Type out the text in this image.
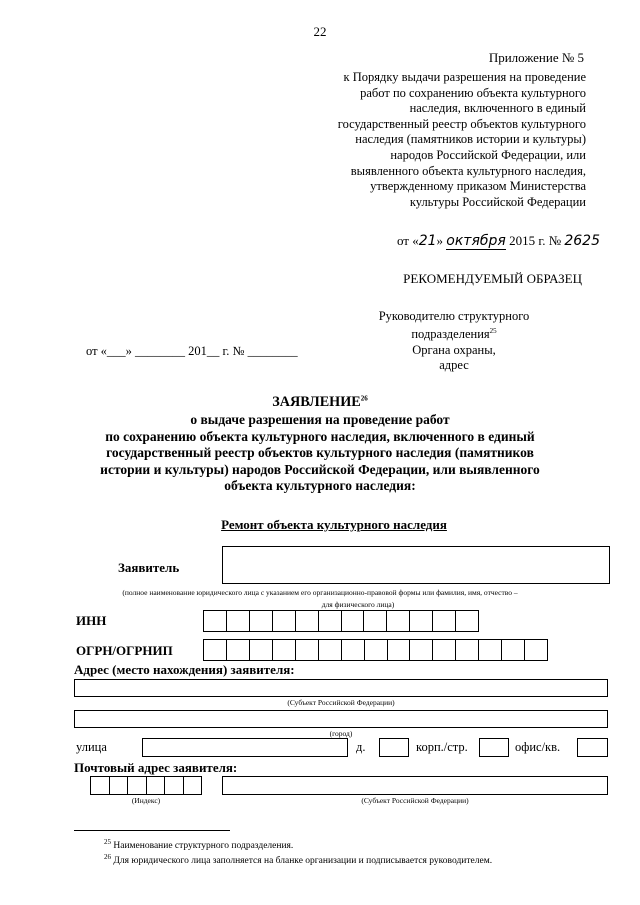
22
Приложение № 5
к Порядку выдачи разрешения на проведение
работ по сохранению объекта культурного
наследия, включенного в единый
государственный реестр объектов культурного
наследия (памятников истории и культуры)
народов Российской Федерации, или
выявленного объекта культурного наследия,
утвержденному приказом Министерства
культуры Российской Федерации
от «21» октября 2015 г. № 2625
РЕКОМЕНДУЕМЫЙ ОБРАЗЕЦ
Руководителю структурного
подразделения$^{25}$
Органа охраны,
адрес
от «___» ________ 201__ г. № ________
ЗАЯВЛЕНИЕ$^{26}$
о выдаче разрешения на проведение работ
по сохранению объекта культурного наследия, включенного в единый
государственный реестр объектов культурного наследия (памятников
истории и культуры) народов Российской Федерации, или выявленного
объекта культурного наследия:
Ремонт объекта культурного наследия
Заявитель
(полное наименование юридического лица с указанием его организационно-правовой формы или фамилия, имя, отчество –
для физического лица)
ИНН
ОГРН/ОГРНИП
Адрес (место нахождения) заявителя:
(Субъект Российской Федерации)
(город)
улица	д.	корп./стр.	офис/кв.
Почтовый адрес заявителя:
(Индекс)	(Субъект Российской Федерации)
$^{25}$ Наименование структурного подразделения.
$^{26}$ Для юридического лица заполняется на бланке организации и подписывается руководителем.
